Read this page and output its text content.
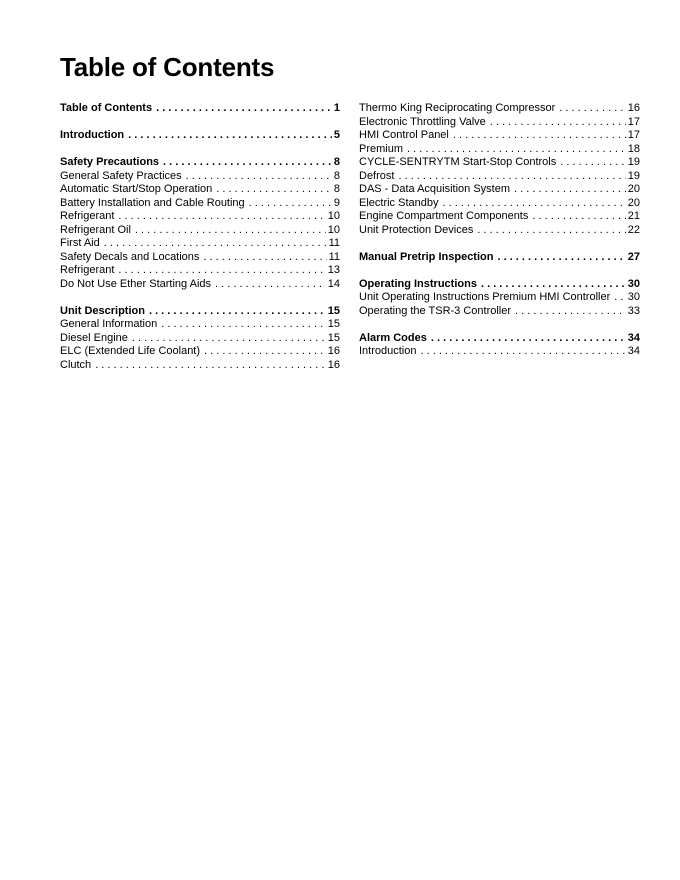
Table of Contents
Table of Contents . . .	1
Introduction . . .	5
Safety Precautions . . .	8
General Safety Practices . . .	8
Automatic Start/Stop Operation . . .	8
Battery Installation and Cable Routing . . .	9
Refrigerant . . .	10
Refrigerant Oil . . .	10
First Aid . . .	11
Safety Decals and Locations . . .	11
Refrigerant . . .	13
Do Not Use Ether Starting Aids . . .	14
Unit Description . . .	15
General Information . . .	15
Diesel Engine . . .	15
ELC (Extended Life Coolant) . . .	16
Clutch . . .	16
Thermo King Reciprocating Compressor . . .	16
Electronic Throttling Valve . . .	17
HMI Control Panel . . .	17
Premium . . .	18
CYCLE-SENTRYTM Start-Stop Controls . . .	19
Defrost . . .	19
DAS - Data Acquisition System . . .	20
Electric Standby . . .	20
Engine Compartment Components . . .	21
Unit Protection Devices . . .	22
Manual Pretrip Inspection . . .	27
Operating Instructions . . .	30
Unit Operating Instructions Premium HMI Controller . . . 30
Operating the TSR-3 Controller . . .	33
Alarm Codes . . .	34
Introduction . . .	34
